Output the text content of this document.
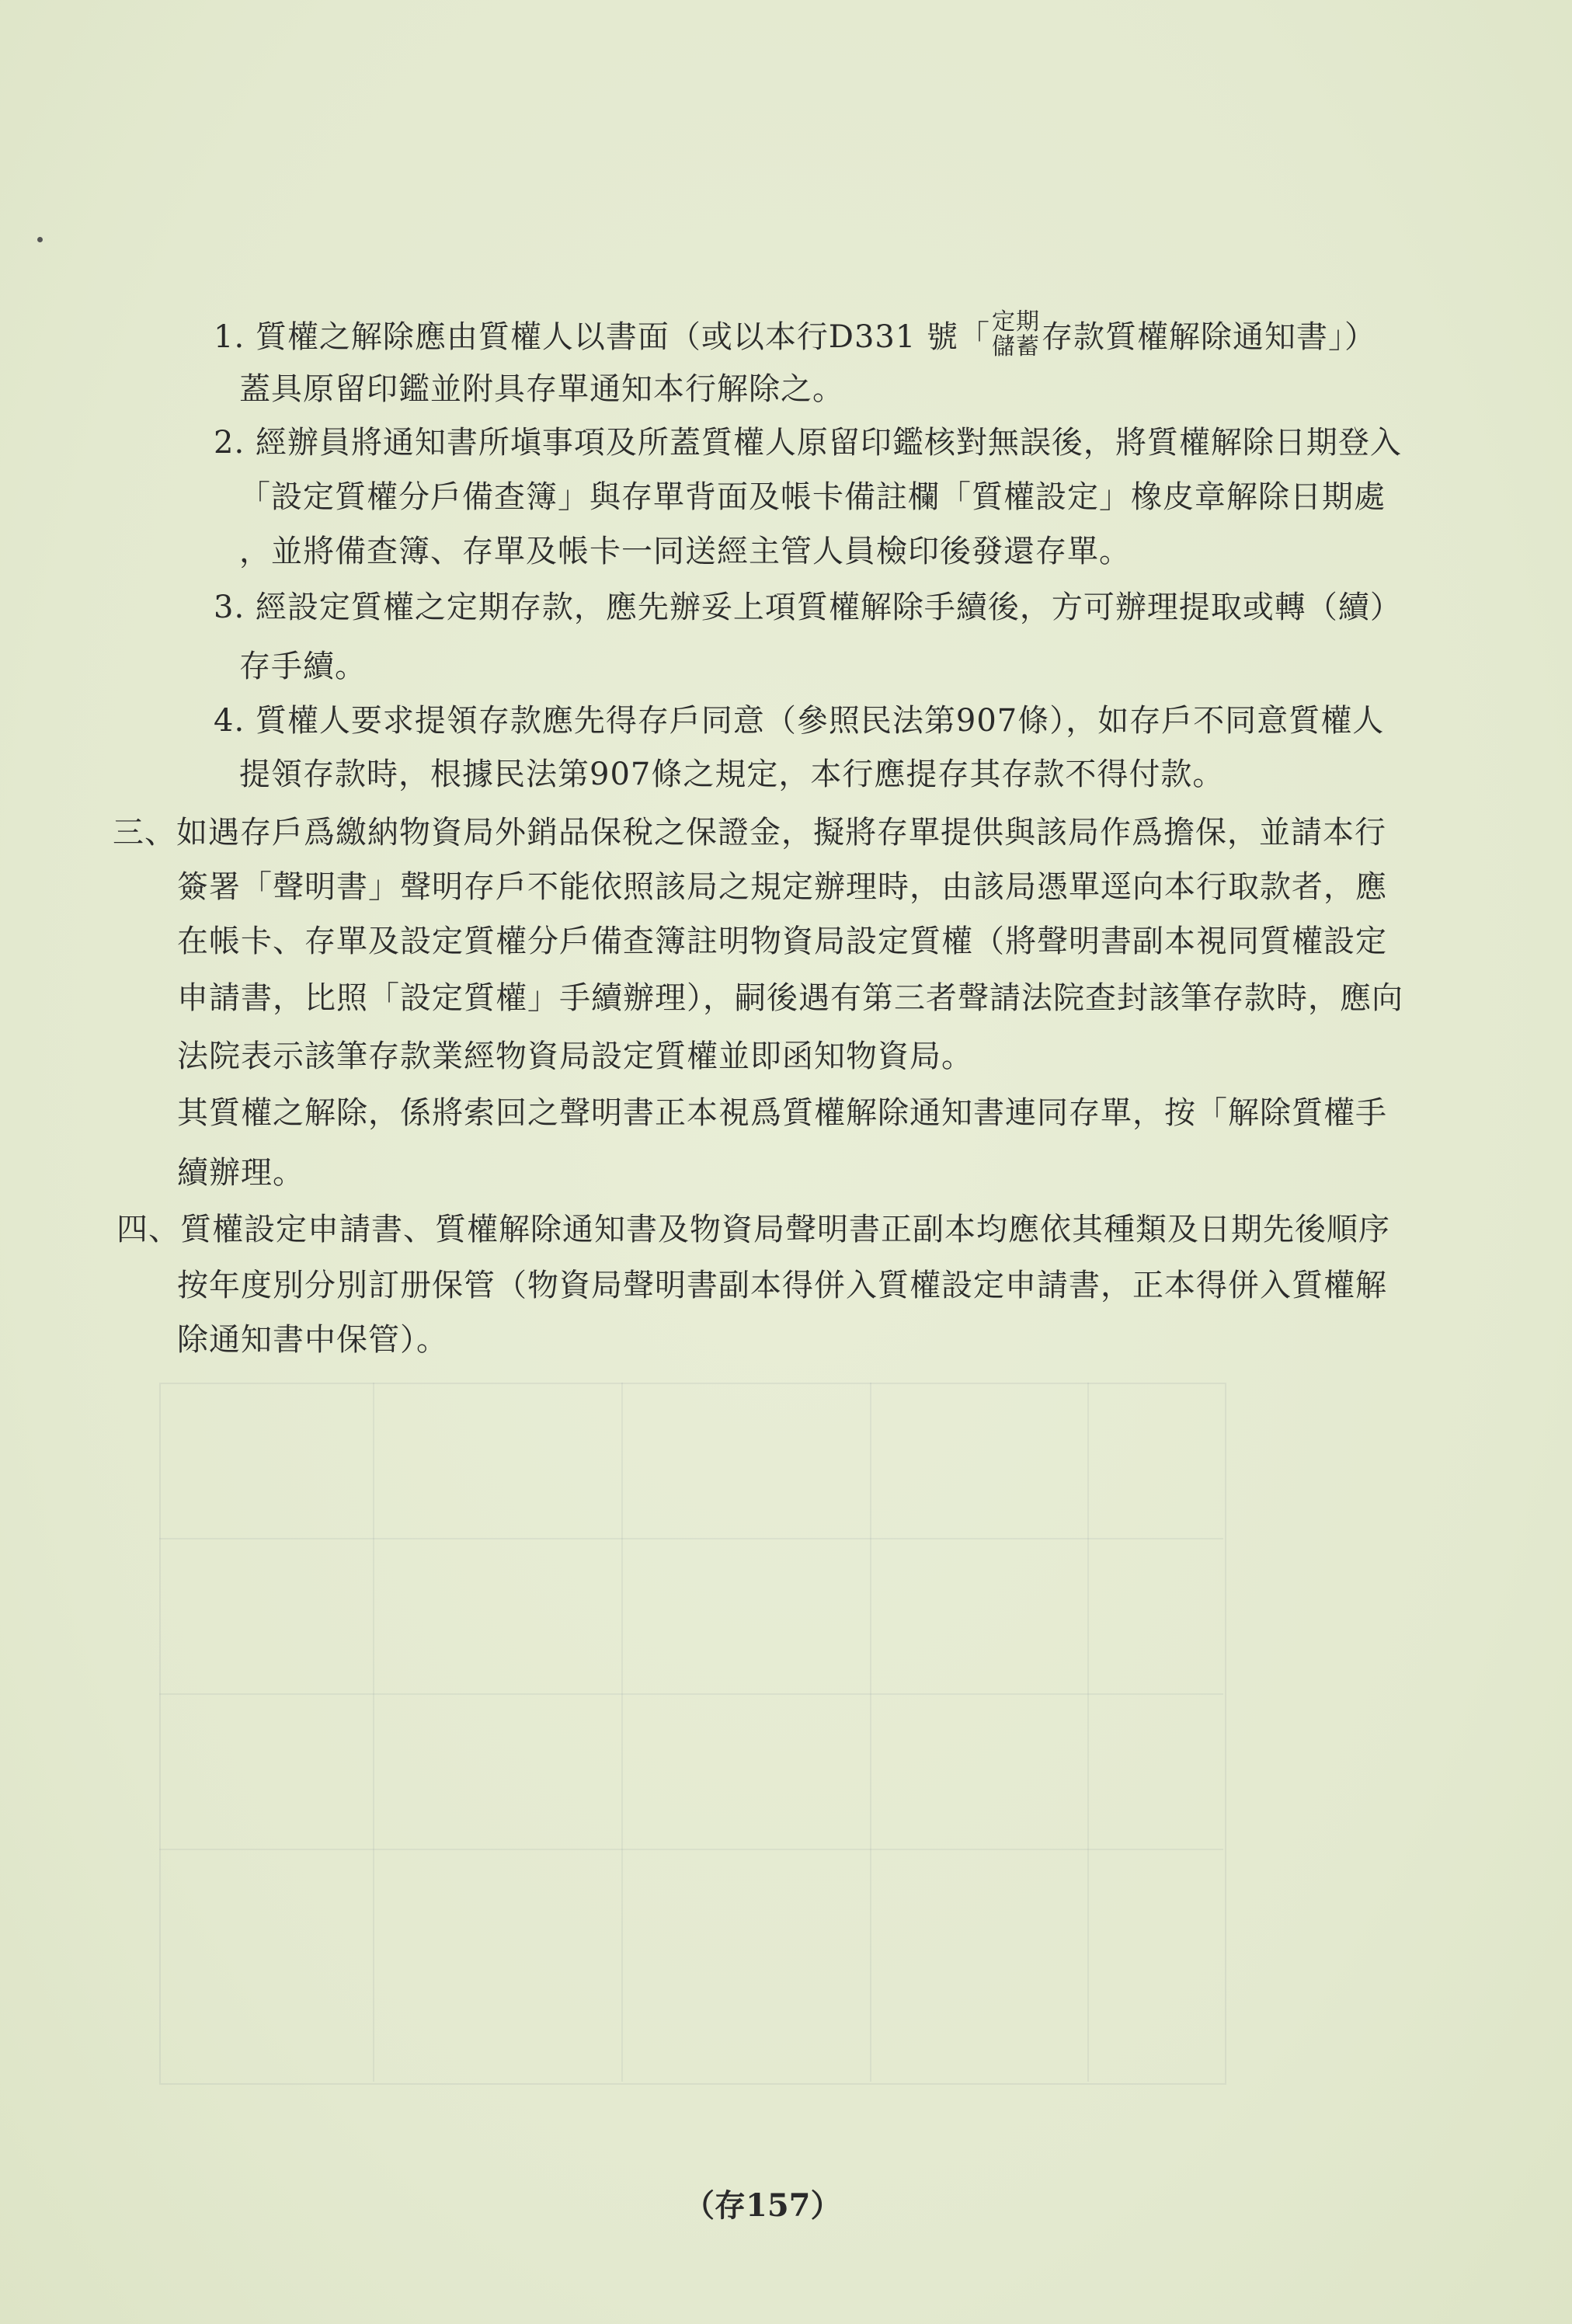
1. 質權之解除應由質權人以書面（或以本行D331 號「 定期
儲蓄 存款質權解除通知書」）
蓋具原留印鑑並附具存單通知本行解除之。
2. 經辦員將通知書所塡事項及所蓋質權人原留印鑑核對無誤後，將質權解除日期登入
「設定質權分戶備查簿」與存單背面及帳卡備註欄「質權設定」橡皮章解除日期處
，並將備查簿、存單及帳卡一同送經主管人員檢印後發還存單。
3. 經設定質權之定期存款，應先辦妥上項質權解除手續後，方可辦理提取或轉（續）
存手續。
4. 質權人要求提領存款應先得存戶同意（參照民法第907條），如存戶不同意質權人
提領存款時，根據民法第907條之規定，本行應提存其存款不得付款。
三、如遇存戶爲繳納物資局外銷品保稅之保證金，擬將存單提供與該局作爲擔保，並請本行
簽署「聲明書」聲明存戶不能依照該局之規定辦理時，由該局憑單逕向本行取款者，應
在帳卡、存單及設定質權分戶備查簿註明物資局設定質權（將聲明書副本視同質權設定
申請書，比照「設定質權」手續辦理），嗣後遇有第三者聲請法院查封該筆存款時，應向
法院表示該筆存款業經物資局設定質權並即函知物資局。
其質權之解除，係將索回之聲明書正本視爲質權解除通知書連同存單，按「解除質權手
續辦理。
四、質權設定申請書、質權解除通知書及物資局聲明書正副本均應依其種類及日期先後順序
按年度別分別訂册保管（物資局聲明書副本得併入質權設定申請書，正本得併入質權解
除通知書中保管）。
（存157）
